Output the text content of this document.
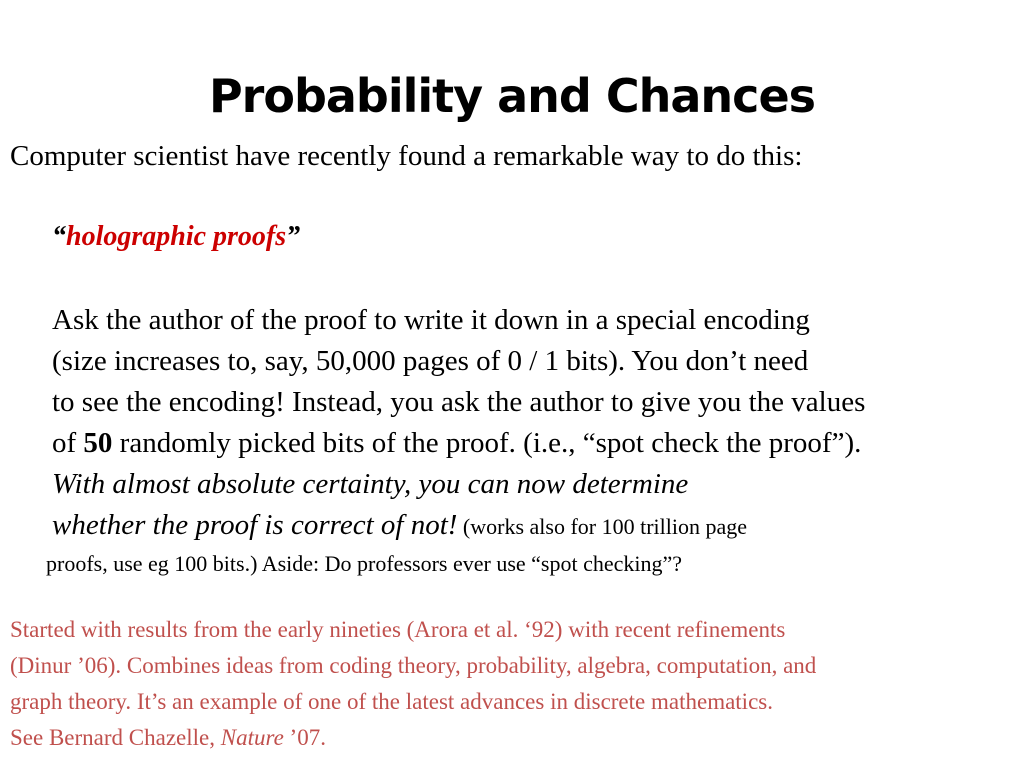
Probability and Chances
Computer scientist have recently found a remarkable way to do this:
“holographic proofs”
Ask the author of the proof to write it down in a special encoding
(size increases to, say, 50,000 pages of 0 / 1 bits). You don’t need
to see the encoding! Instead, you ask the author to give you the values
of 50 randomly picked bits of the proof. (i.e., “spot check the proof”).
With almost absolute certainty, you can now determine
whether the proof is correct of not! (works also for 100 trillion page
proofs, use eg 100 bits.) Aside: Do professors ever use “spot checking”?
Started with results from the early nineties (Arora et al. ‘92) with recent refinements
(Dinur ’06). Combines ideas from coding theory, probability, algebra, computation, and
graph theory. It’s an example of one of the latest advances in discrete mathematics.
See Bernard Chazelle, Nature ’07.
